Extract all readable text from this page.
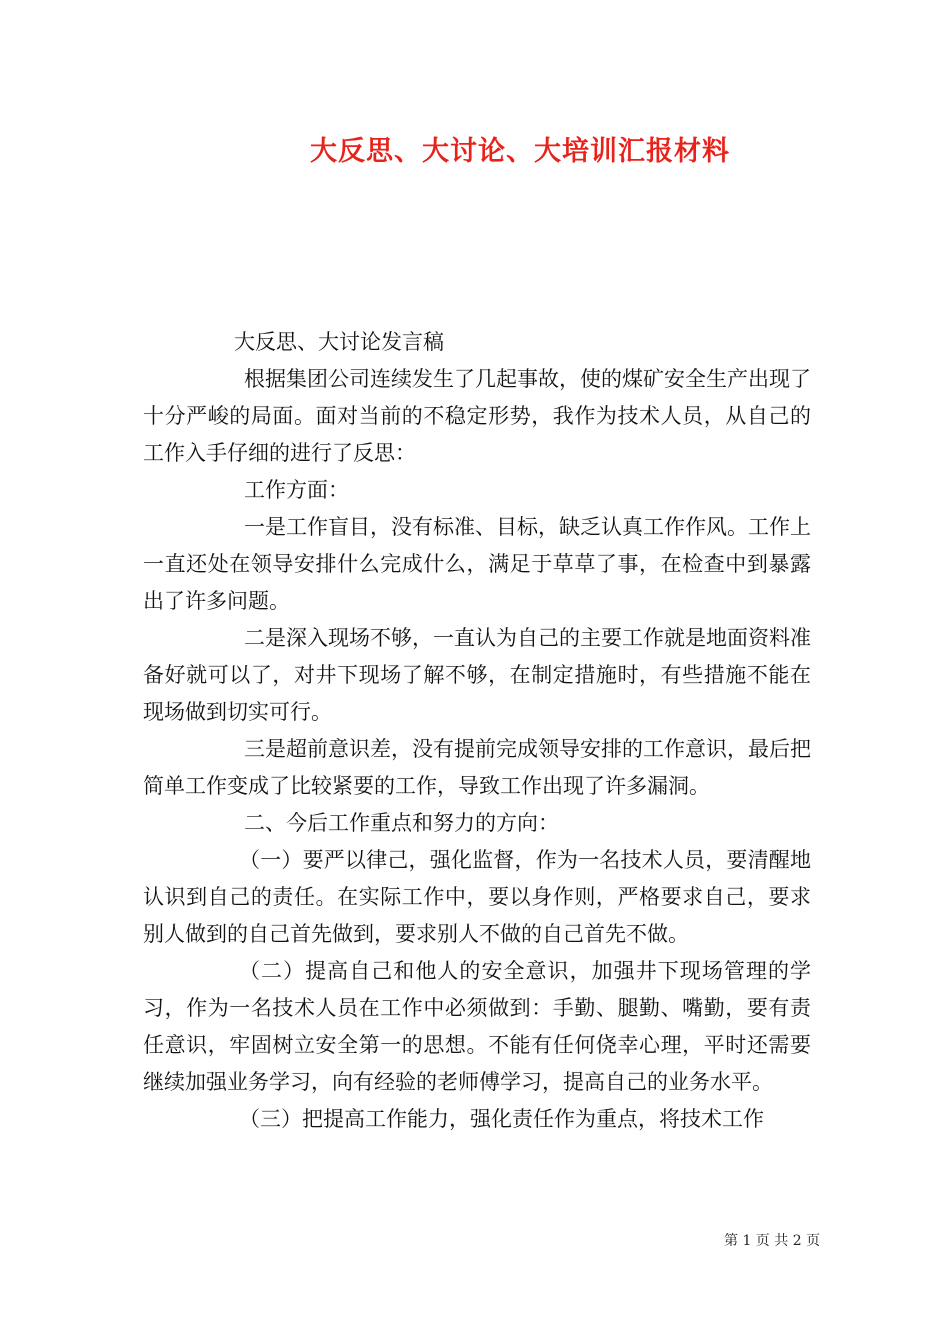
大反思、大讨论、大培训汇报材料

大反思、大讨论发言稿

根据集团公司连续发生了几起事故，使的煤矿安全生产出现了十分严峻的局面。面对当前的不稳定形势，我作为技术人员，从自己的工作入手仔细的进行了反思：

工作方面：

一是工作盲目，没有标准、目标，缺乏认真工作作风。工作上一直还处在领导安排什么完成什么，满足于草草了事，在检查中到暴露出了许多问题。

二是深入现场不够，一直认为自己的主要工作就是地面资料准备好就可以了，对井下现场了解不够，在制定措施时，有些措施不能在现场做到切实可行。

三是超前意识差，没有提前完成领导安排的工作意识，最后把简单工作变成了比较紧要的工作，导致工作出现了许多漏洞。

二、今后工作重点和努力的方向：

（一）要严以律己，强化监督，作为一名技术人员，要清醒地认识到自己的责任。在实际工作中，要以身作则，严格要求自己，要求别人做到的自己首先做到，要求别人不做的自己首先不做。

（二）提高自己和他人的安全意识，加强井下现场管理的学习，作为一名技术人员在工作中必须做到：手勤、腿勤、嘴勤，要有责任意识，牢固树立安全第一的思想。不能有任何侥幸心理，平时还需要继续加强业务学习，向有经验的老师傅学习，提高自己的业务水平。

（三）把提高工作能力，强化责任作为重点，将技术工作

第 1 页 共 2 页
